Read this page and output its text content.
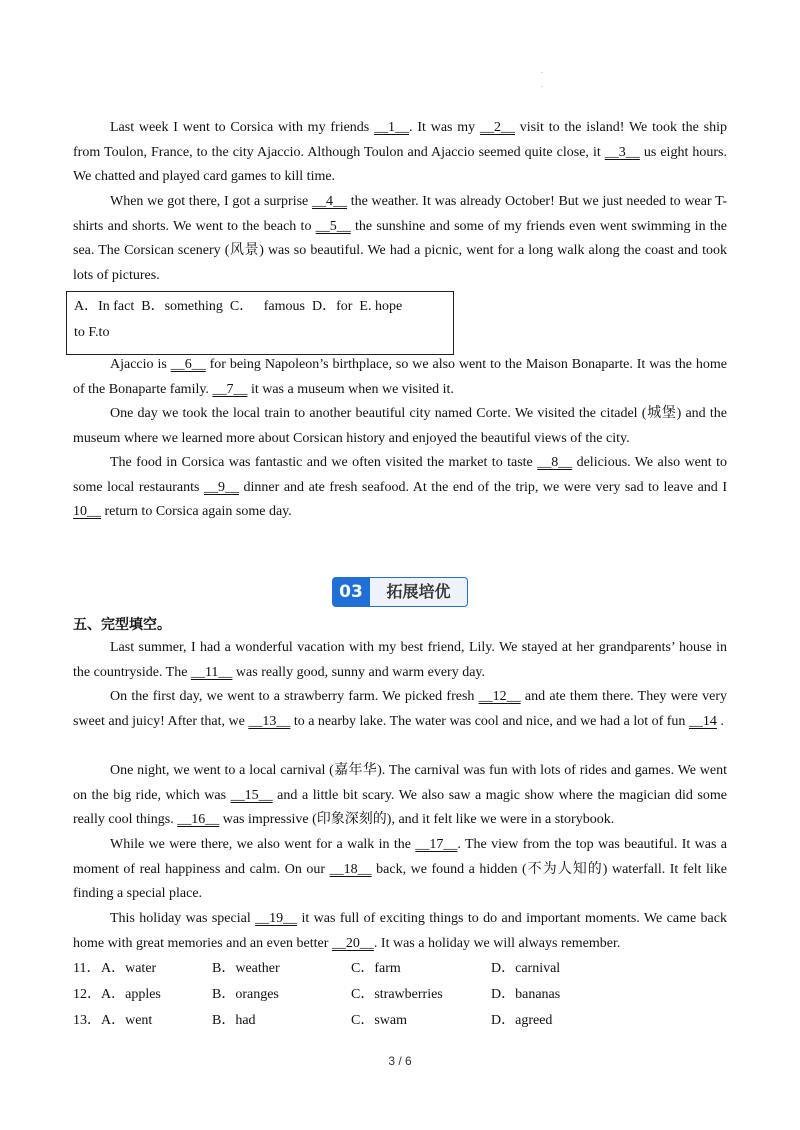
.
.

Last week I went to Corsica with my friends __1__. It was my __2__ visit to the island! We took the ship from Toulon, France, to the city Ajaccio. Although Toulon and Ajaccio seemed quite close, it __3__ us eight hours. We chatted and played card games to kill time.

When we got there, I got a surprise __4__ the weather. It was already October! But we just needed to wear T-shirts and shorts. We went to the beach to __5__ the sunshine and some of my friends even went swimming in the sea. The Corsican scenery (风景) was so beautiful. We had a picnic, went for a long walk along the coast and took lots of pictures.

A．In fact  B．something  C．   famous  D．for  E. hope
to F.to

Ajaccio is __6__ for being Napoleon’s birthplace, so we also went to the Maison Bonaparte. It was the home of the Bonaparte family. __7__ it was a museum when we visited it.

One day we took the local train to another beautiful city named Corte. We visited the citadel (城堡) and the museum where we learned more about Corsican history and enjoyed the beautiful views of the city.

The food in Corsica was fantastic and we often visited the market to taste __8__ delicious. We also went to some local restaurants __9__ dinner and ate fresh seafood. At the end of the trip, we were very sad to leave and I 10__ return to Corsica again some day.

03	拓展培优
五、完型填空。

Last summer, I had a wonderful vacation with my best friend, Lily. We stayed at her grandparents’ house in the countryside. The __11__ was really good, sunny and warm every day.

On the first day, we went to a strawberry farm. We picked fresh __12__ and ate them there. They were very sweet and juicy! After that, we __13__ to a nearby lake. The water was cool and nice, and we had a lot of fun __14 .

One night, we went to a local carnival (嘉年华). The carnival was fun with lots of rides and games. We went on the big ride, which was __15__ and a little bit scary. We also saw a magic show where the magician did some really cool things. __16__ was impressive (印象深刻的), and it felt like we were in a storybook.

While we were there, we also went for a walk in the __17__. The view from the top was beautiful. It was a moment of real happiness and calm. On our __18__ back, we found a hidden (不为人知的) waterfall. It felt like finding a special place.

This holiday was special __19__ it was full of exciting things to do and important moments. We came back home with great memories and an even better __20__. It was a holiday we will always remember.

11． A．water	B．weather	C．farm	D．carnival
12． A．apples	B．oranges	C．strawberries	D．bananas
13． A．went	B．had	C．swam	D．agreed
3 / 6
